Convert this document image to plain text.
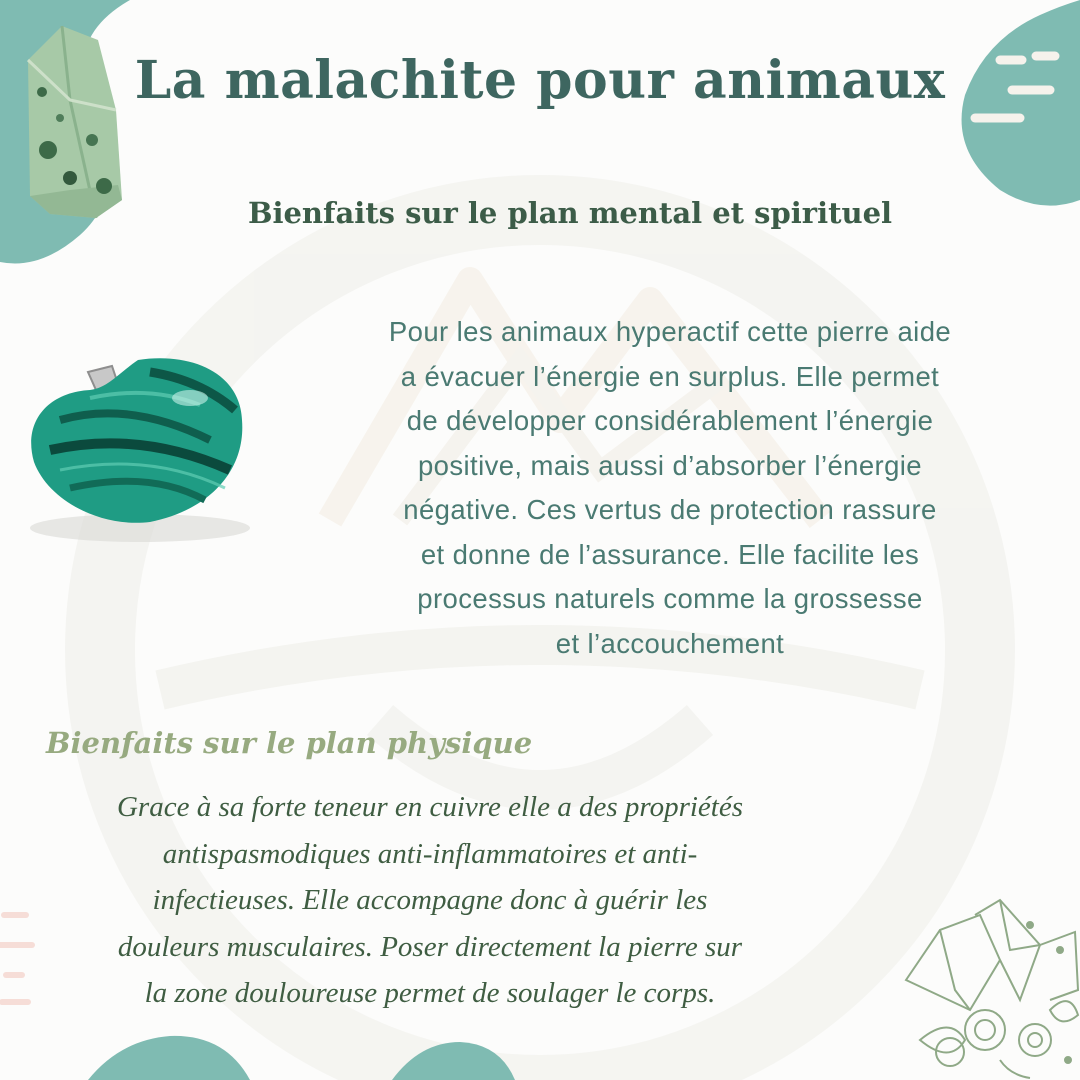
La malachite pour animaux
Bienfaits sur le plan mental et spirituel
Pour les animaux hyperactif cette pierre aide
a évacuer l’énergie en surplus. Elle permet
de développer considérablement l’énergie
positive, mais aussi d’absorber l’énergie
négative. Ces vertus de protection rassure
et donne de l’assurance. Elle facilite les
processus naturels comme la grossesse
et l’accouchement
Bienfaits sur le plan physique
Grace à sa forte teneur en cuivre elle a des propriétés
antispasmodiques anti-inflammatoires et anti-
infectieuses. Elle accompagne donc à guérir les
douleurs musculaires. Poser directement la pierre sur
la zone douloureuse permet de soulager le corps.
